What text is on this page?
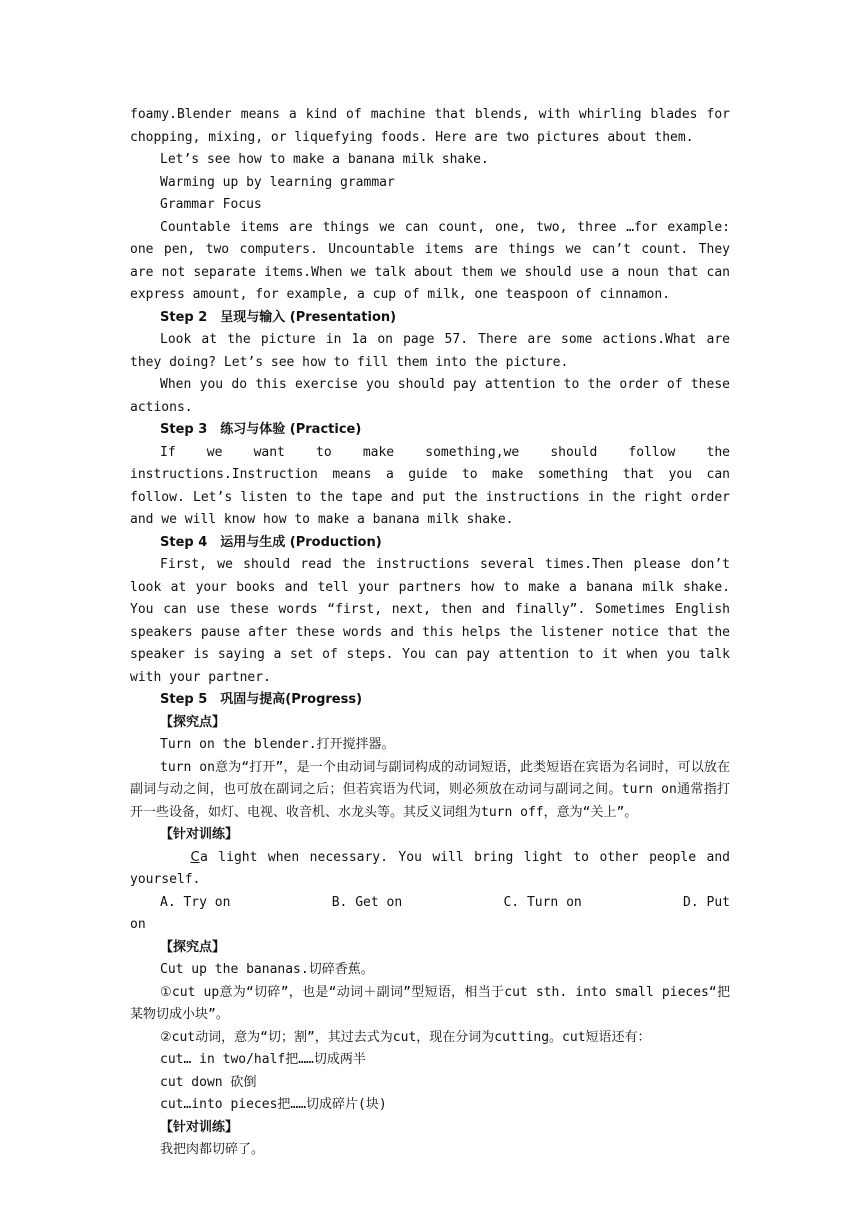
foamy.Blender means a kind of machine that blends, with whirling blades for chopping, mixing, or liquefying foods. Here are two pictures about them.

Let’s see how to make a banana milk shake.

Warming up by learning grammar

Grammar Focus

Countable items are things we can count, one, two, three …for example: one pen, two computers. Uncountable items are things we can’t count. They are not separate items.When we talk about them we should use a noun that can express amount, for example, a cup of milk, one teaspoon of cinnamon.

Step 2　呈现与输入 (Presentation)

Look at the picture in 1a on page 57. There are some actions.What are they doing? Let’s see how to fill them into the picture.

When you do this exercise you should pay attention to the order of these actions.

Step 3　练习与体验 (Practice)

If we want to make something,we should follow the instructions.Instruction means a guide to make something that you can follow. Let’s listen to the tape and put the instructions in the right order and we will know how to make a banana milk shake.

Step 4　运用与生成 (Production)

First, we should read the instructions several times.Then please don’t look at your books and tell your partners how to make a banana milk shake. You can use these words “first, next, then and finally”. Sometimes English speakers pause after these words and this helps the listener notice that the speaker is saying a set of steps. You can pay attention to it when you talk with your partner.

Step 5　巩固与提高(Progress)

【探究点】

Turn on the blender.打开搅拌器。

turn on意为“打开”，是一个由动词与副词构成的动词短语，此类短语在宾语为名词时，可以放在副词与动之间，也可放在副词之后；但若宾语为代词，则必须放在动词与副词之间。turn on通常指打开一些设备，如灯、电视、收音机、水龙头等。其反义词组为turn off，意为“关上”。

【针对训练】

Ca light when necessary. You will bring light to other people and yourself.

A. Try on	B. Get on	C. Turn on	D. Put

on

【探究点】

Cut up the bananas.切碎香蕉。

①cut up意为“切碎”，也是“动词＋副词”型短语，相当于cut sth. into small pieces“把某物切成小块”。

②cut动词，意为“切；割”，其过去式为cut，现在分词为cutting。cut短语还有：

cut… in two/half把……切成两半

cut down 砍倒

cut…into pieces把……切成碎片(块)

【针对训练】

我把肉都切碎了。
